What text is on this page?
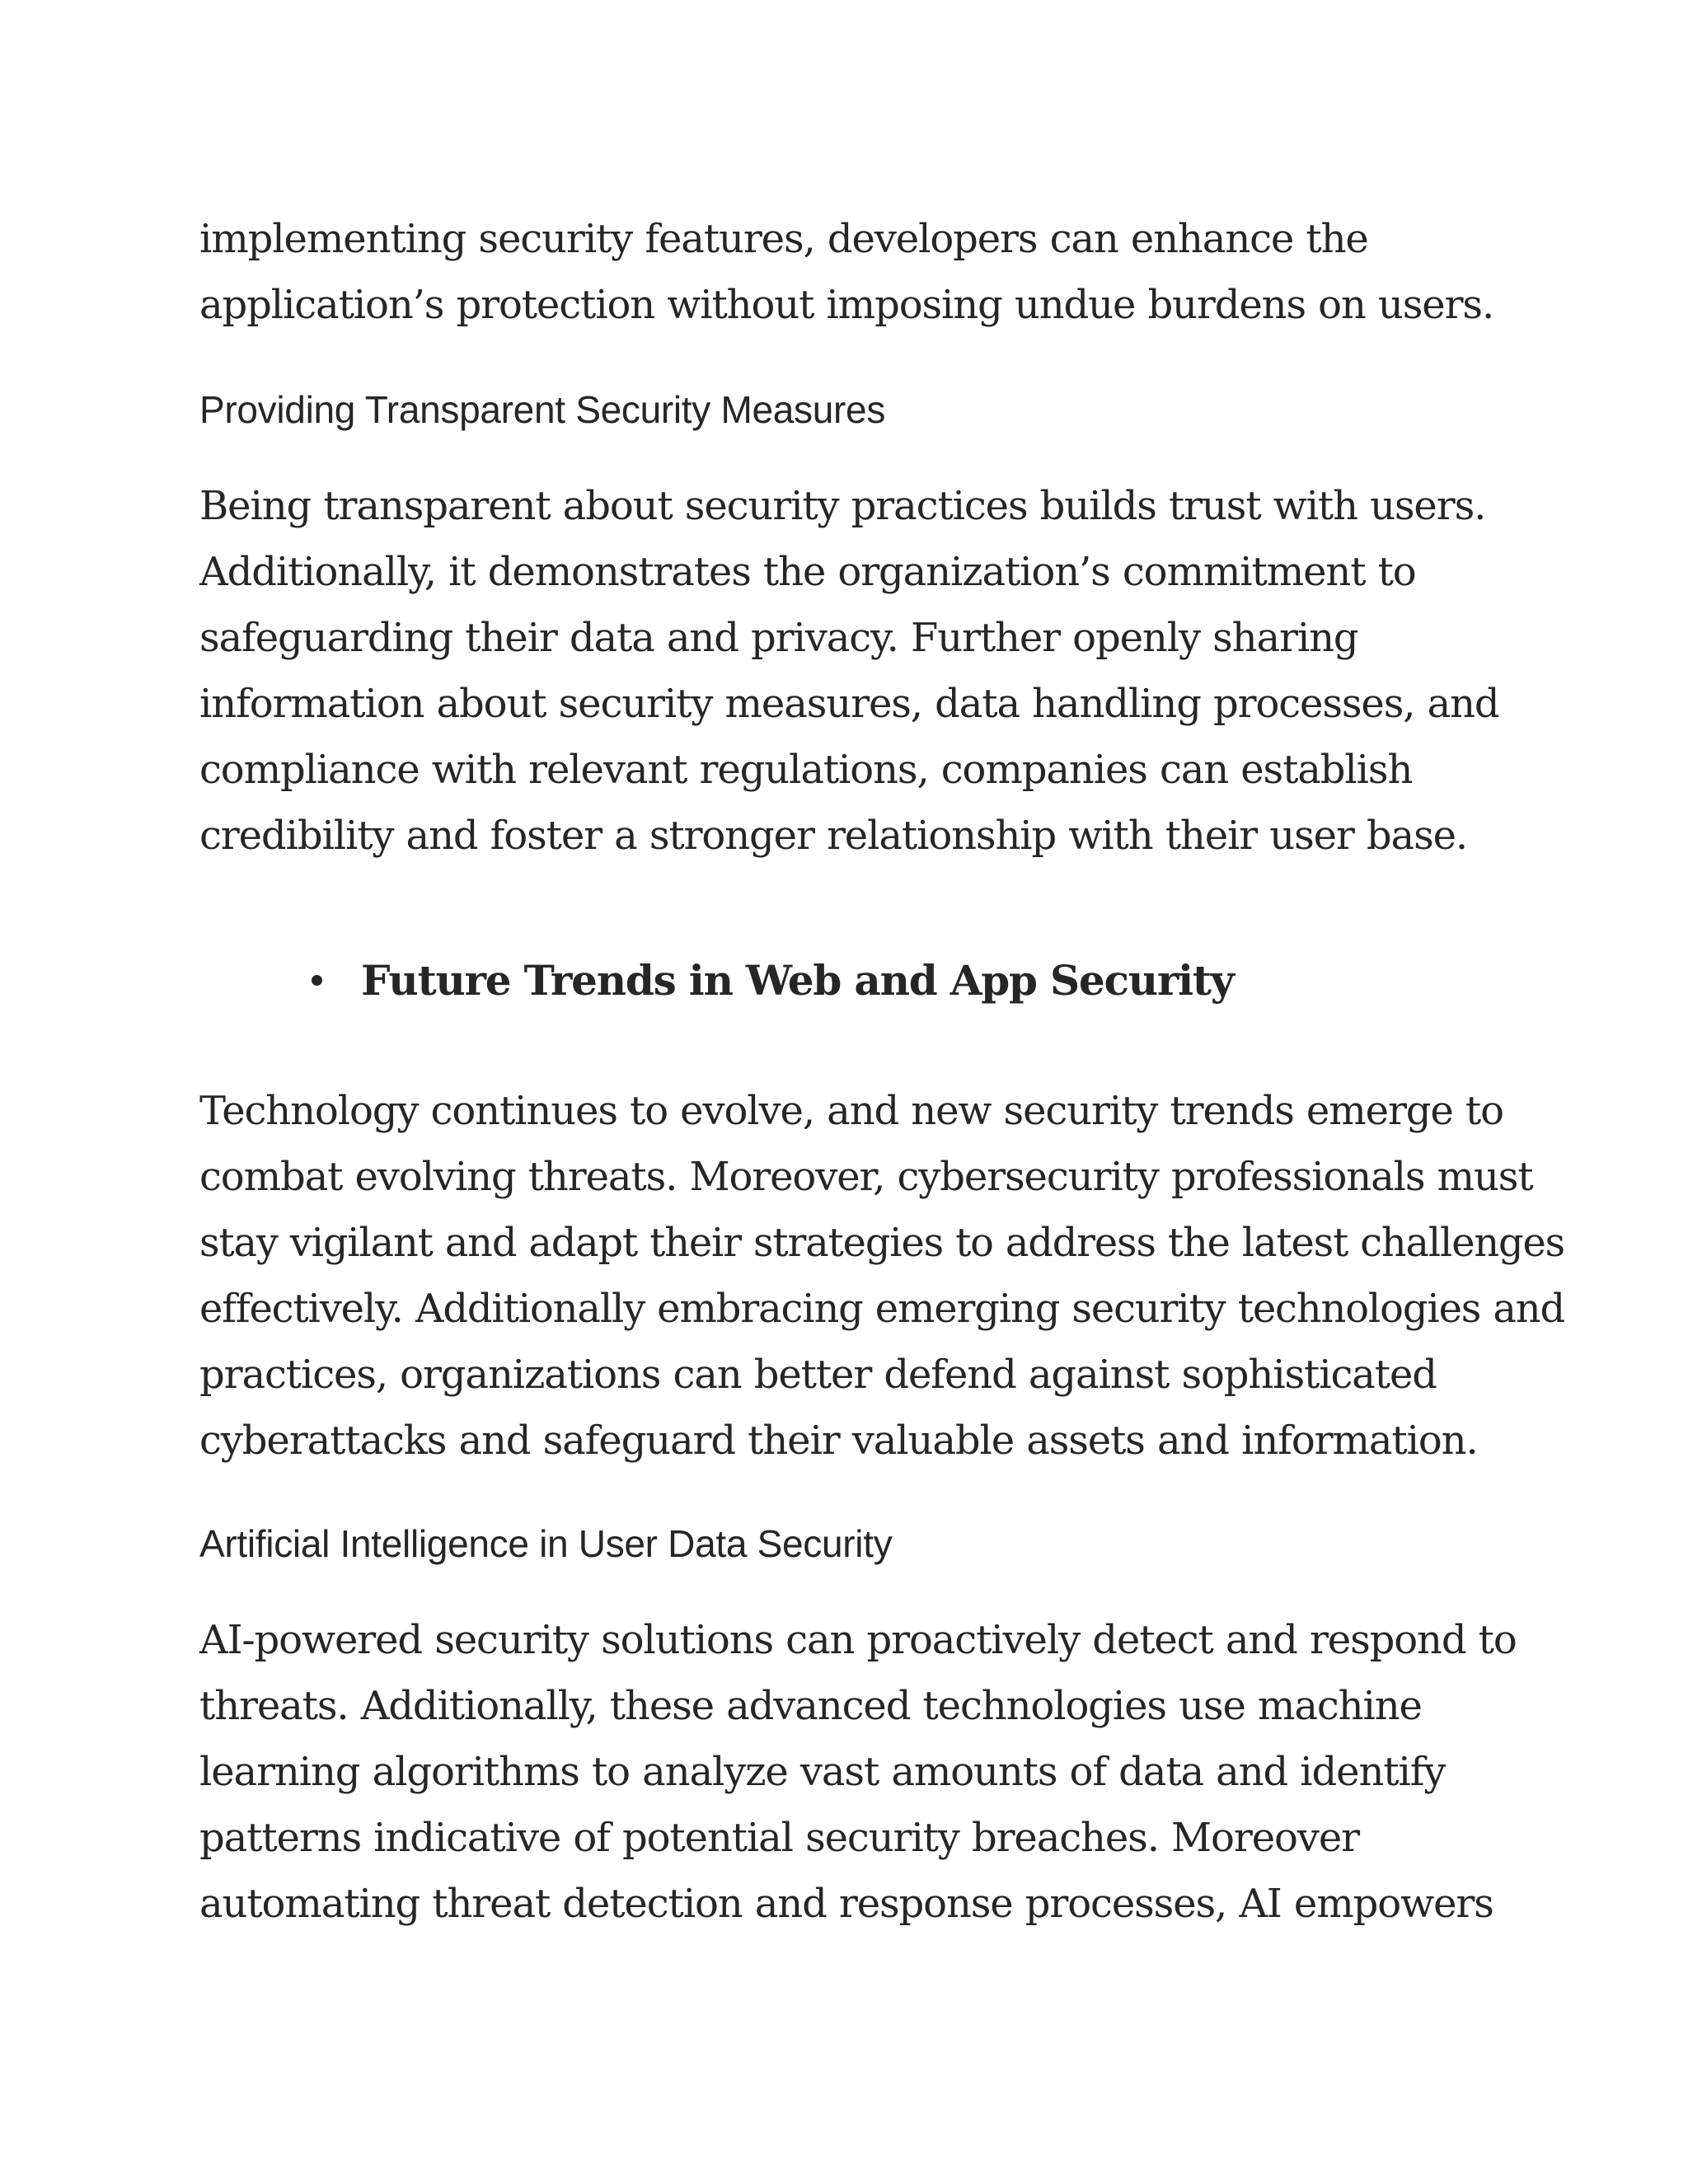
implementing security features, developers can enhance the
application’s protection without imposing undue burdens on users.
Providing Transparent Security Measures
Being transparent about security practices builds trust with users.
Additionally, it demonstrates the organization’s commitment to
safeguarding their data and privacy. Further openly sharing
information about security measures, data handling processes, and
compliance with relevant regulations, companies can establish
credibility and foster a stronger relationship with their user base.
Future Trends in Web and App Security
Technology continues to evolve, and new security trends emerge to
combat evolving threats. Moreover, cybersecurity professionals must
stay vigilant and adapt their strategies to address the latest challenges
effectively. Additionally embracing emerging security technologies and
practices, organizations can better defend against sophisticated
cyberattacks and safeguard their valuable assets and information.
Artificial Intelligence in User Data Security
AI-powered security solutions can proactively detect and respond to
threats. Additionally, these advanced technologies use machine
learning algorithms to analyze vast amounts of data and identify
patterns indicative of potential security breaches. Moreover
automating threat detection and response processes, AI empowers
